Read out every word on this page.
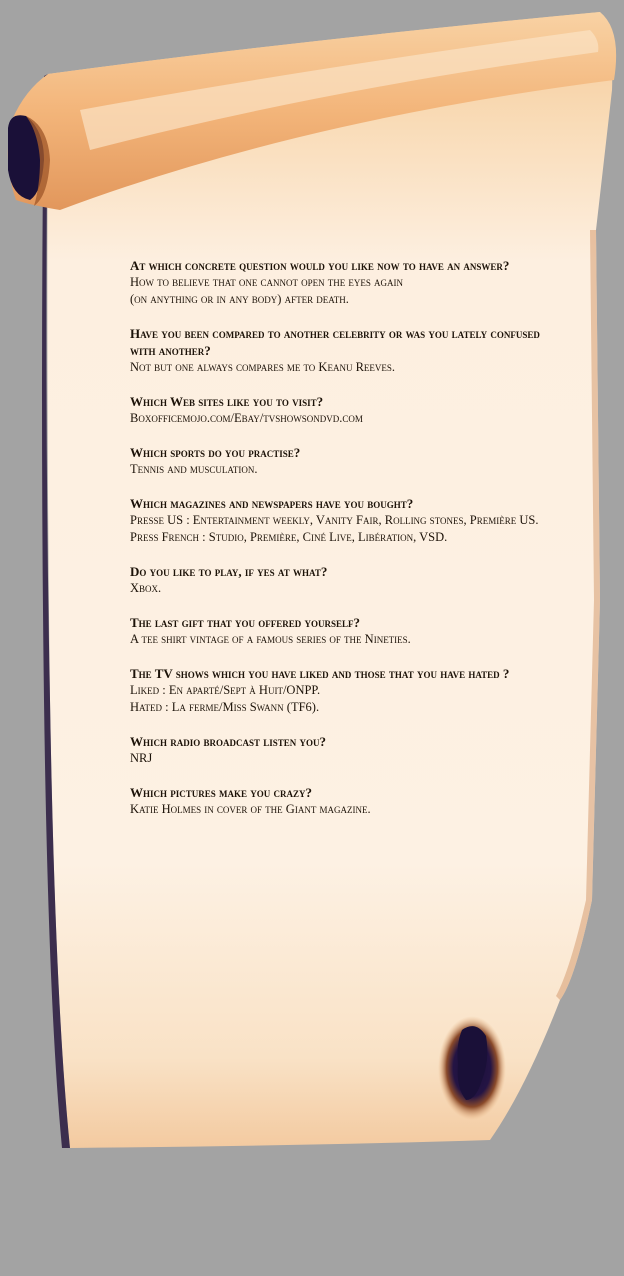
At which concrete question would you like now to have an answer?
How to believe that one cannot open the eyes again
(on anything or in any body) after death.
Have you been compared to another celebrity or was you lately confused
with another?
Not but one always compares me to Keanu Reeves.
Which Web sites like you to visit?
Boxofficemojo.com/Ebay/tvshowsondvd.com
Which sports do you practise?
Tennis and musculation.
Which magazines and newspapers have you bought?
Presse US : Entertainment weekly, Vanity Fair, Rolling stones, Première US.
Press French : Studio, Première, Ciné Live, Libération, VSD.
Do you like to play, if yes at what?
Xbox.
The last gift that you offered yourself?
A tee shirt vintage of a famous series of the Nineties.
The TV shows which you have liked and those that you have hated ?
Liked : En aparté/Sept à Huit/ONPP.
Hated : La ferme/Miss Swann (TF6).
Which radio broadcast listen you?
NRJ
Which pictures make you crazy?
Katie Holmes in cover of the Giant magazine.
